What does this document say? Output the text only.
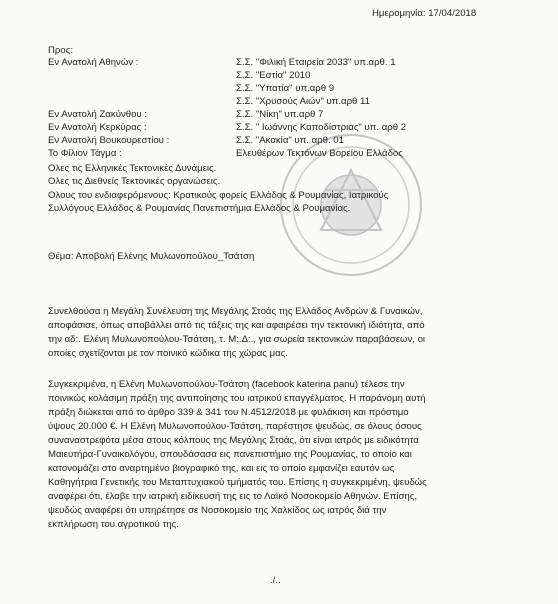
Ημερομηνία: 17/04/2018
Προς:
Εν Ανατολή Αθηνών :	Σ.Σ. "Φιλική Εταιρεία 2033" υπ.αρθ. 1
Σ.Σ. "Εστία" 2010
Σ.Σ. "Υπατία" υπ.αρθ 9
Σ.Σ. "Χρυσούς Αιών" υπ.αρθ 11
Εν Ανατολή Ζακύνθου :	Σ.Σ. "Νίκη" υπ.αρθ 7
Εν Ανατολή Κερκύρας :	Σ.Σ. " Ιωάννης Καποδίστριας" υπ. αρθ 2
Εν Ανατολή Βουκουρεστίου :	Σ.Σ. "Ακακία" υπ. αρθ. 01
Το Φίλιον Τάγμα :	Ελευθέρων Τεκτόνων Βορείου Ελλάδος
Ολες τις Ελληνικές Τεκτονικές Δυνάμεις.
Ολες τις Διεθνείς Τεκτονικές οργανώσεις.
Ολους του ενδιαφερόμενους: Κρατικούς φορείς Ελλάδος & Ρουμανίας, Ιατρικούς
Συλλόγους Ελλάδος & Ρουμανίας Πανεπιστήμια Ελλάδος & Ρουμανίας.
Θέμα: Αποβολή Ελένης Μυλωνοπούλου_Τσάτση
Συνελθούσα η Μεγάλη Συνέλευση της Μεγάλης Στοάς της Ελλάδος Ανδρών & Γυναικών,
αποφάσισε, όπως αποβάλλει από τις τάξεις της και αφαιρέσει την τεκτονική ιδιότητα, από
την αδ:. Ελένη Μυλωνοπούλου-Τσάτση, τ. Μ:.Δ:., για σωρεία τεκτονικών παραβάσεων, οι
οποίες σχετίζονται με τον ποινικό κώδικα της χώρας μας.
Συγκεκριμένα, η Ελένη Μυλωνοπούλου-Τσάτση (facebook katerina panu) τέλεσε την
ποινικώς κολάσιμη πράξη της αντιποίησης του ιατρικού επαγγέλματος. Η παράνομη αυτή
πράξη διώκεται από το άρθρο 339 & 341 του Ν.4512/2018 με φυλάκιση και πρόστιμο
ύψους 20.000 €. Η Ελένη Μυλωνοπούλου-Τσάτση, παρέστησε ψευδώς, σε όλους όσους
συναναστρεφότα μέσα στους κόλπους της Μεγάλης Στοάς, ότι είναι ιατρός με ειδικότητα
Μαιευτήρα-Γυναικολόγου, σπουδάσασα εις πανεπιστήμιο της Ρουμανίας, το οποίο και
κατονομάζει στο αναρτημένο βιογραφικό της, και εις το οποίο εμφανίζει εαυτόν ως
Καθηγήτρια Γενετικής του Μεταπτυχιακού τμήματός του. Επίσης η συγκεκριμένη, ψευδώς
αναφέρει ότι, έλαβε την ιατρική ειδίκευσή της εις το Λαϊκό Νοσοκομείο Αθηνών. Επίσης,
ψευδώς αναφέρει ότι υπηρέτησε σε Νοσοκομείο της Χαλκίδος ως ιατρός διά την
εκπλήρωση του αγροτικού της.
./..
